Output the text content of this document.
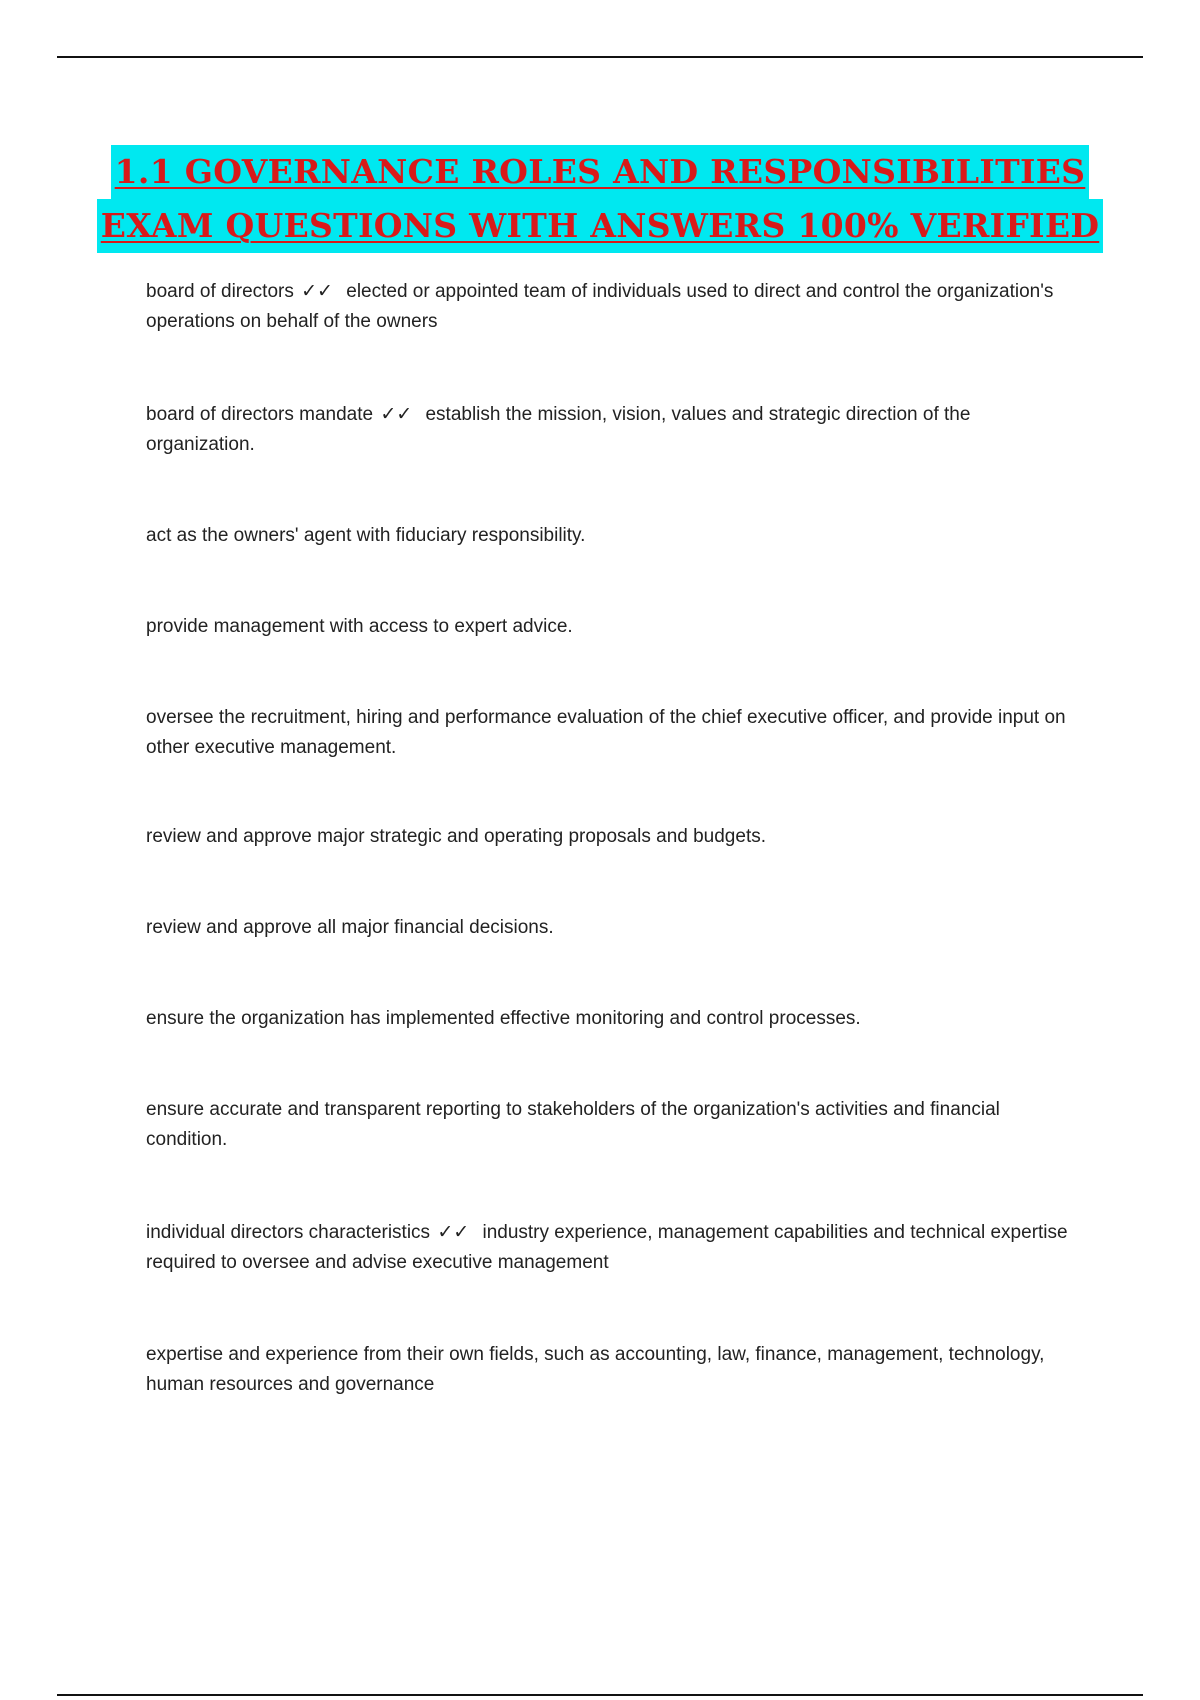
1.1 GOVERNANCE ROLES AND RESPONSIBILITIES
EXAM QUESTIONS WITH ANSWERS 100% VERIFIED
board of directors ✓✓ elected or appointed team of individuals used to direct and control the organization's operations on behalf of the owners
board of directors mandate ✓✓ establish the mission, vision, values and strategic direction of the organization.
act as the owners' agent with fiduciary responsibility.
provide management with access to expert advice.
oversee the recruitment, hiring and performance evaluation of the chief executive officer, and provide input on other executive management.
review and approve major strategic and operating proposals and budgets.
review and approve all major financial decisions.
ensure the organization has implemented effective monitoring and control processes.
ensure accurate and transparent reporting to stakeholders of the organization's activities and financial condition.
individual directors characteristics ✓✓ industry experience, management capabilities and technical expertise required to oversee and advise executive management
expertise and experience from their own fields, such as accounting, law, finance, management, technology, human resources and governance
